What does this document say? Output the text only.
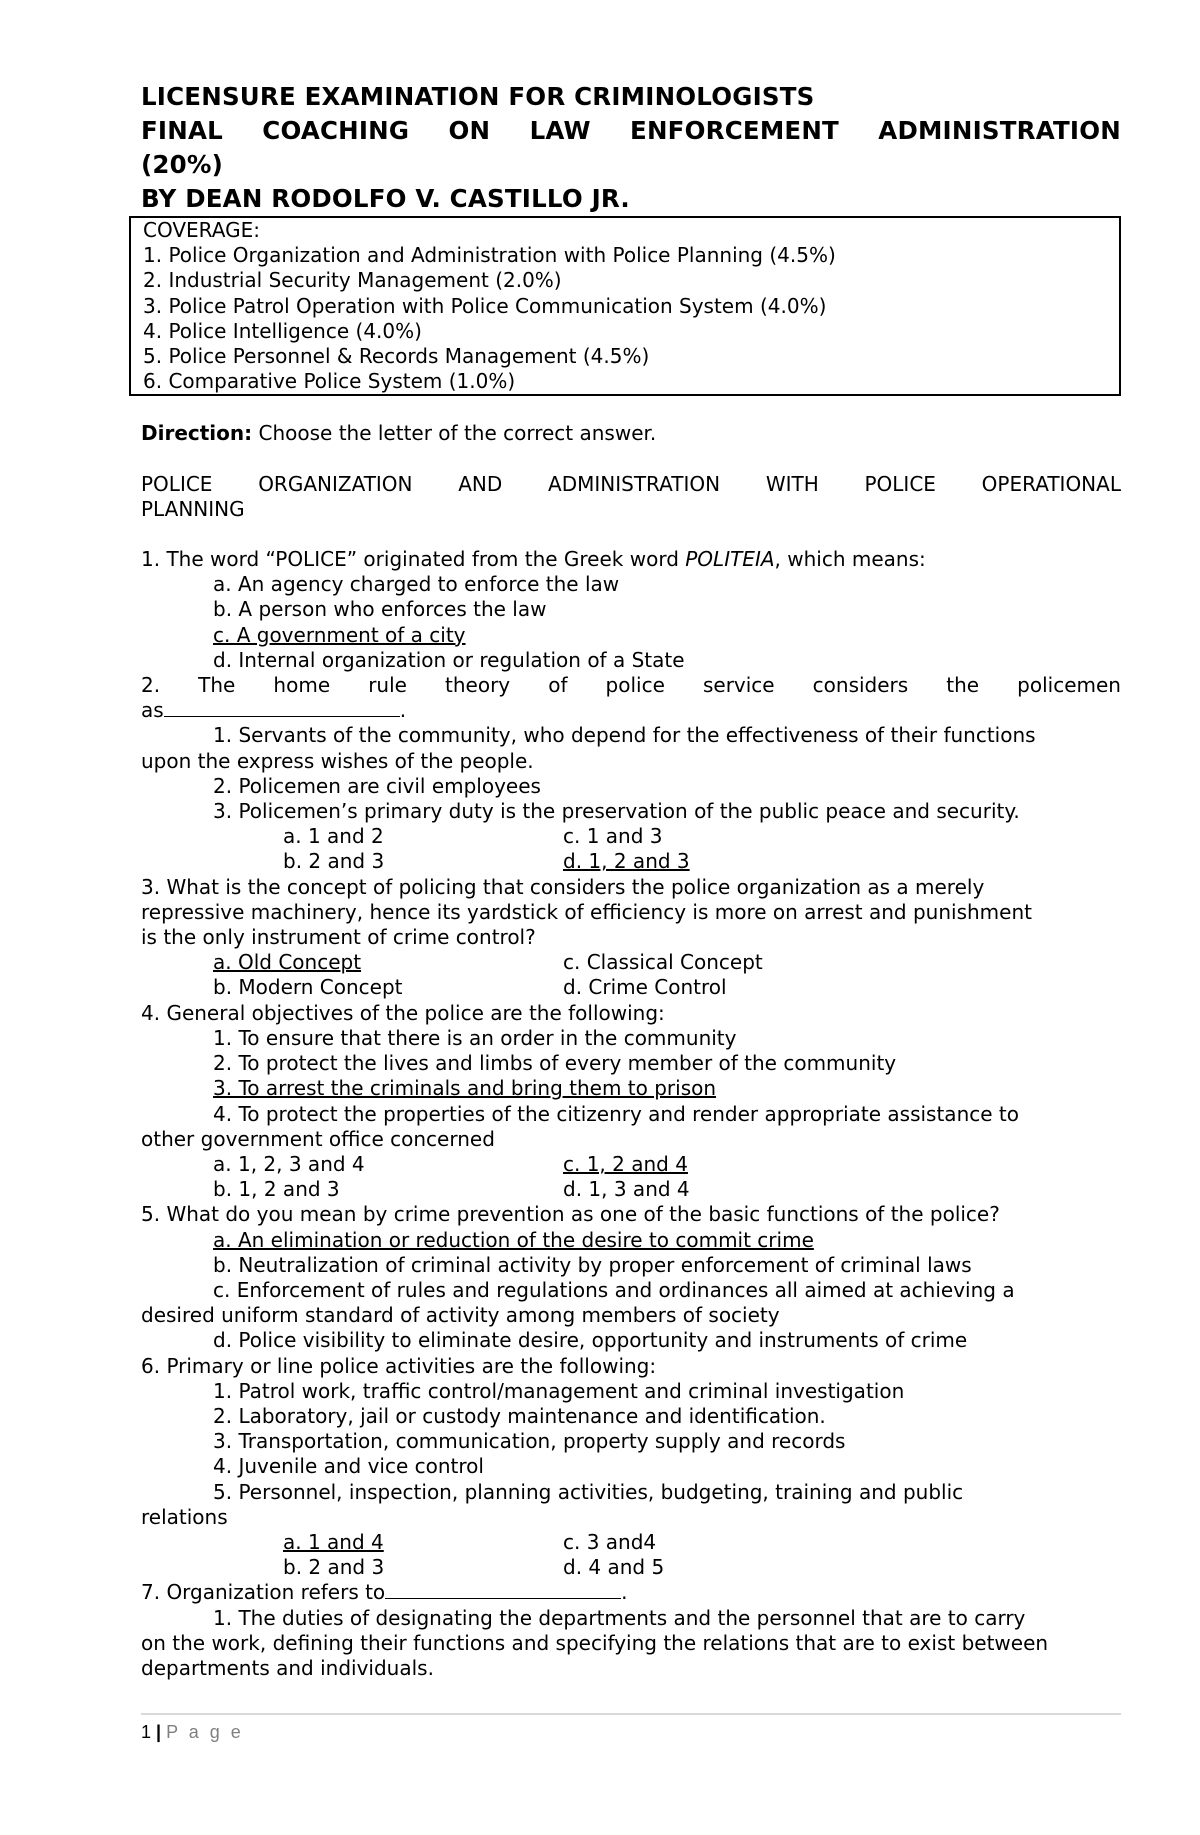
LICENSURE EXAMINATION FOR CRIMINOLOGISTS
FINAL COACHING ON LAW ENFORCEMENT ADMINISTRATION
(20%)
BY DEAN RODOLFO V. CASTILLO JR.
COVERAGE:
1. Police Organization and Administration with Police Planning (4.5%)
2. Industrial Security Management (2.0%)
3. Police Patrol Operation with Police Communication System (4.0%)
4. Police Intelligence (4.0%)
5. Police Personnel & Records Management (4.5%)
6. Comparative Police System (1.0%)
Direction: Choose the letter of the correct answer.
POLICE ORGANIZATION AND ADMINISTRATION WITH POLICE OPERATIONAL
PLANNING
1. The word “POLICE” originated from the Greek word POLITEIA, which means:
a. An agency charged to enforce the law
b. A person who enforces the law
c. A government of a city
d. Internal organization or regulation of a State
2. The home rule theory of police service considers the policemen
as	.
1. Servants of the community, who depend for the effectiveness of their functions
upon the express wishes of the people.
2. Policemen are civil employees
3. Policemen’s primary duty is the preservation of the public peace and security.
a. 1 and 2	c. 1 and 3
b. 2 and 3	d. 1, 2 and 3
3. What is the concept of policing that considers the police organization as a merely
repressive machinery, hence its yardstick of efficiency is more on arrest and punishment
is the only instrument of crime control?
a. Old Concept	c. Classical Concept
b. Modern Concept	d. Crime Control
4. General objectives of the police are the following:
1. To ensure that there is an order in the community
2. To protect the lives and limbs of every member of the community
3. To arrest the criminals and bring them to prison
4. To protect the properties of the citizenry and render appropriate assistance to
other government office concerned
a. 1, 2, 3 and 4	c. 1, 2 and 4
b. 1, 2 and 3	d. 1, 3 and 4
5. What do you mean by crime prevention as one of the basic functions of the police?
a. An elimination or reduction of the desire to commit crime
b. Neutralization of criminal activity by proper enforcement of criminal laws
c. Enforcement of rules and regulations and ordinances all aimed at achieving a
desired uniform standard of activity among members of society
d. Police visibility to eliminate desire, opportunity and instruments of crime
6. Primary or line police activities are the following:
1. Patrol work, traffic control/management and criminal investigation
2. Laboratory, jail or custody maintenance and identification.
3. Transportation, communication, property supply and records
4. Juvenile and vice control
5. Personnel, inspection, planning activities, budgeting, training and public
relations
a. 1 and 4	c. 3 and4
b. 2 and 3	d. 4 and 5
7. Organization refers to	.
1. The duties of designating the departments and the personnel that are to carry
on the work, defining their functions and specifying the relations that are to exist between
departments and individuals.
1 | P a g e
